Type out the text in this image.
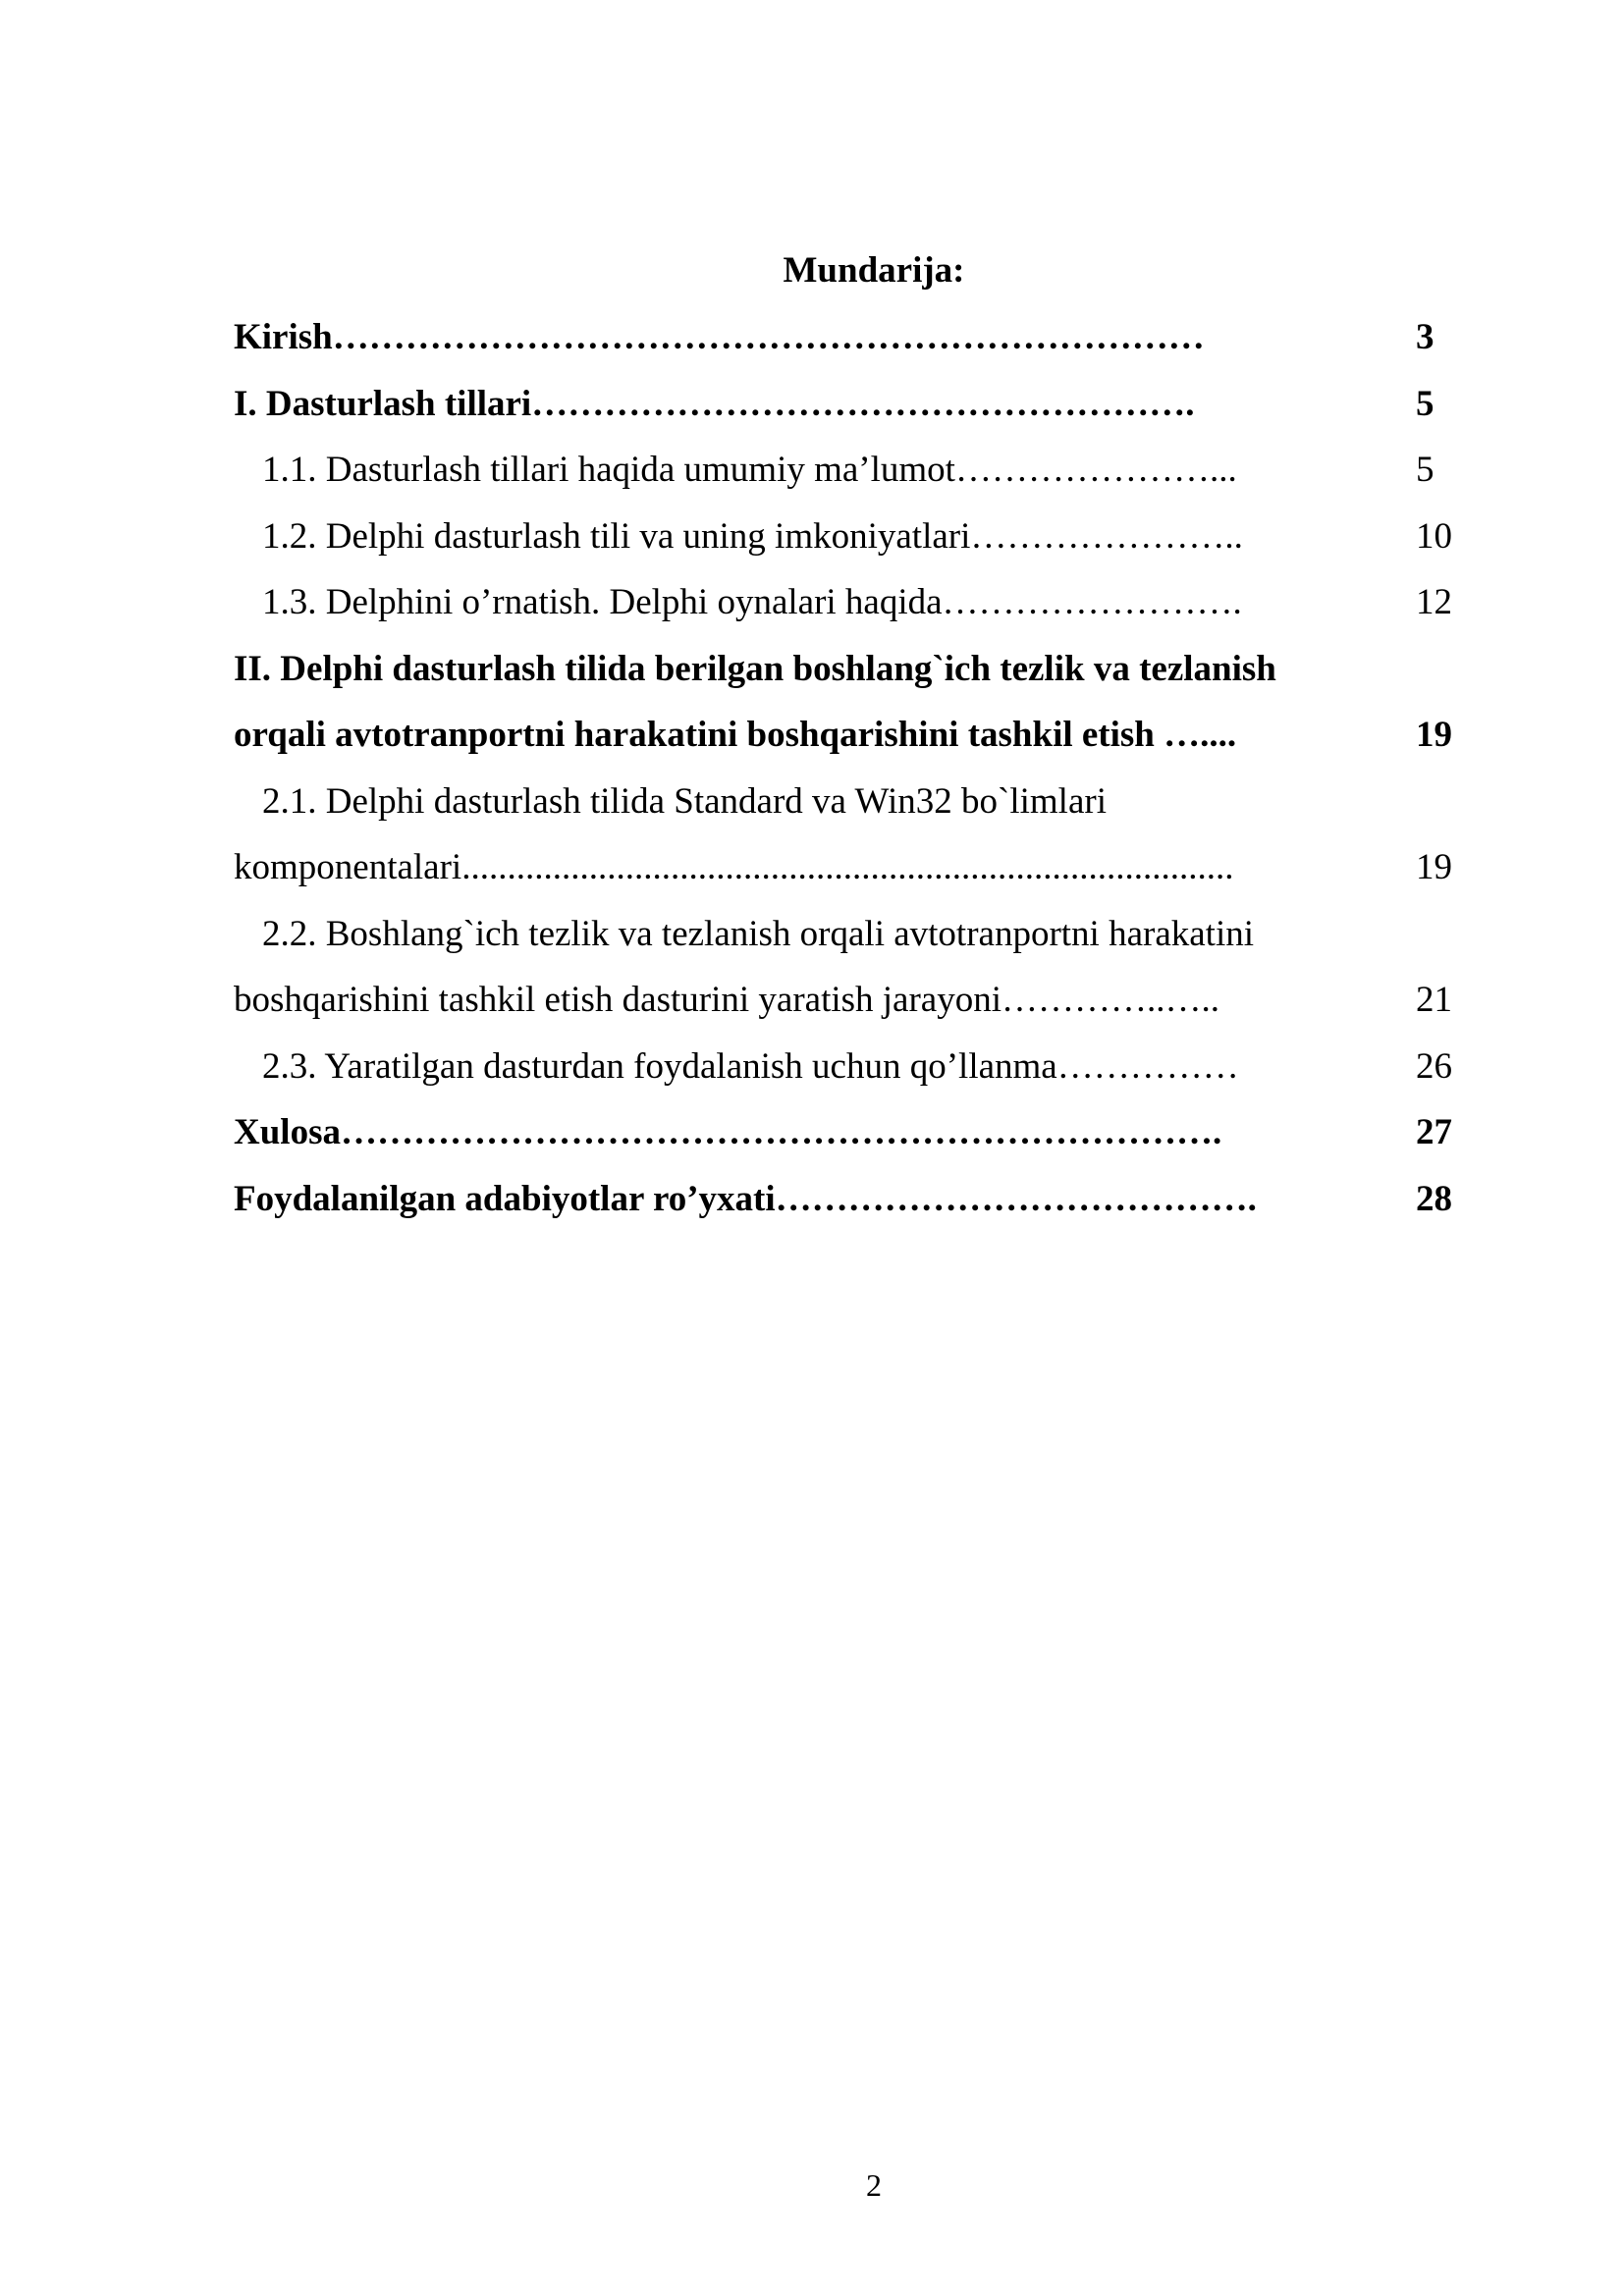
Mundarija:
Kirish………………………………………………………………	3
I. Dasturlash tillari……………………………………………….	5
1.1. Dasturlash tillari haqida umumiy ma’lumot…………………...	5
1.2. Delphi dasturlash tili va uning imkoniyatlari…………………..	10
1.3. Delphini o’rnatish. Delphi oynalari haqida…………………….	12
II. Delphi dasturlash tilida berilgan boshlang`ich tezlik va tezlanish
orqali avtotranportni harakatini boshqarishini tashkil etish …....	19
2.1. Delphi dasturlash tilida Standard va Win32 bo`limlari
komponentalari.....................................................................................	19
2.2. Boshlang`ich tezlik va tezlanish orqali avtotranportni harakatini
boshqarishini tashkil etish dasturini yaratish jarayoni…………..…..	21
2.3. Yaratilgan dasturdan foydalanish uchun qo’llanma……………	26
Xulosa……………………………………………………………….	27
Foydalanilgan adabiyotlar ro’yxati………………………………….	28
2
